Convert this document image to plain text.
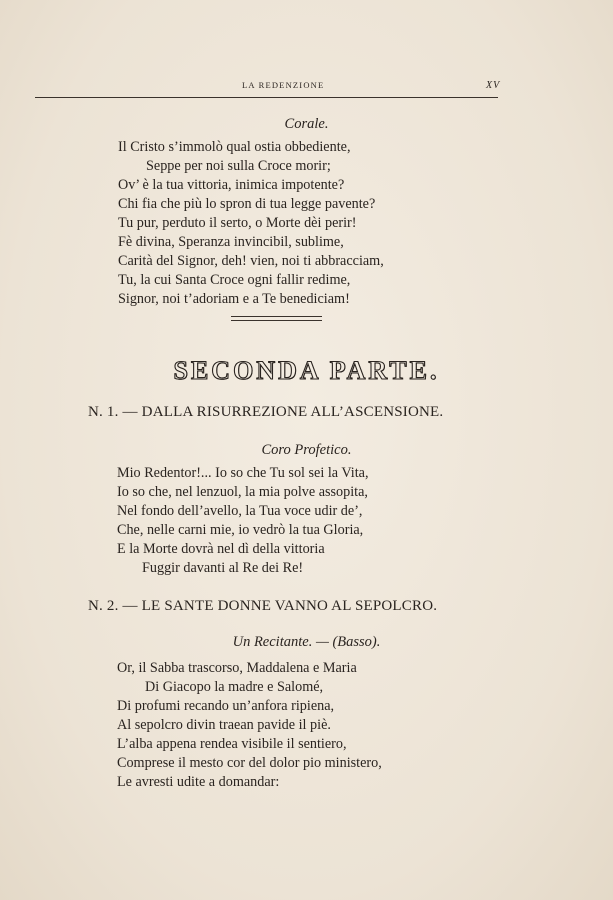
LA REDENZIONE	XV
Corale.
Il Cristo s’immolò qual ostia obbediente,
Seppe per noi sulla Croce morir;
Ov’ è la tua vittoria, inimica impotente?
Chi fia che più lo spron di tua legge pavente?
Tu pur, perduto il serto, o Morte dèi perir!
Fè divina, Speranza invincibil, sublime,
Carità del Signor, deh! vien, noi ti abbracciam,
Tu, la cui Santa Croce ogni fallir redime,
Signor, noi t’adoriam e a Te benediciam!
SECONDA PARTE.
N. 1. — DALLA RISURREZIONE ALL’ASCENSIONE.
Coro Profetico.
Mio Redentor!... Io so che Tu sol sei la Vita,
Io so che, nel lenzuol, la mia polve assopita,
Nel fondo dell’avello, la Tua voce udir de’,
Che, nelle carni mie, io vedrò la tua Gloria,
E la Morte dovrà nel dì della vittoria
Fuggir davanti al Re dei Re!
N. 2. — LE SANTE DONNE VANNO AL SEPOLCRO.
Un Recitante. — (Basso).
Or, il Sabba trascorso, Maddalena e Maria
Di Giacopo la madre e Salomé,
Di profumi recando un’anfora ripiena,
Al sepolcro divin traean pavide il piè.
L’alba appena rendea visibile il sentiero,
Comprese il mesto cor del dolor pio ministero,
Le avresti udite a domandar:
